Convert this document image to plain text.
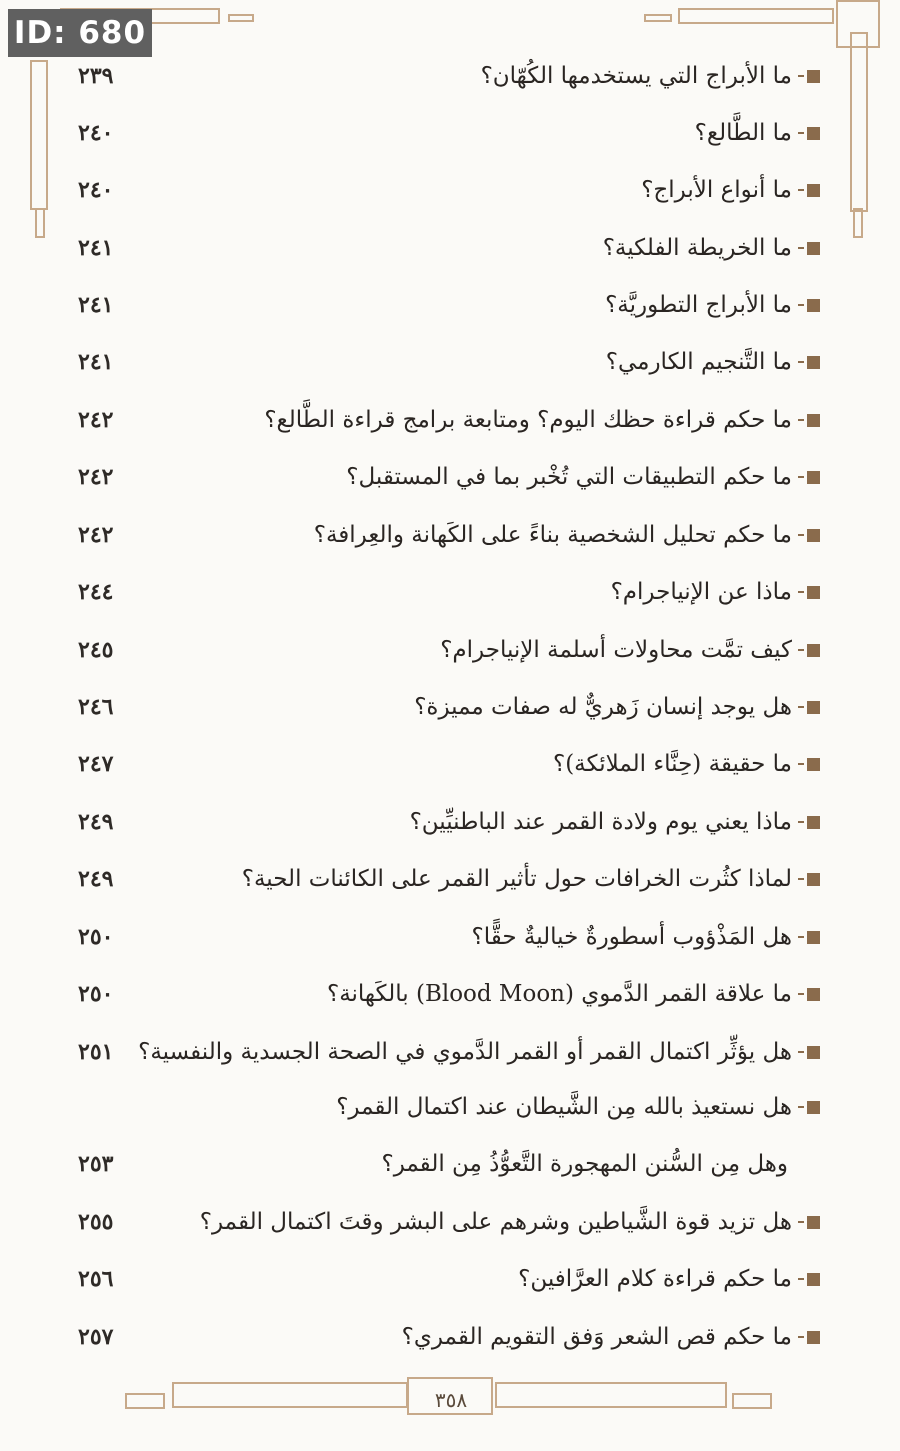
ID: 680
ما الأبراج التي يستخدمها الكُهّان؟
٢٣٩
ما الطَّالع؟
٢٤٠
ما أنواع الأبراج؟
٢٤٠
ما الخريطة الفلكية؟
٢٤١
ما الأبراج التطوريَّة؟
٢٤١
ما التَّنجيم الكارمي؟
٢٤١
ما حكم قراءة حظك اليوم؟ ومتابعة برامج قراءة الطَّالع؟
٢٤٢
ما حكم التطبيقات التي تُخْبر بما في المستقبل؟
٢٤٢
ما حكم تحليل الشخصية بناءً على الكَهانة والعِرافة؟
٢٤٢
ماذا عن الإنياجرام؟
٢٤٤
كيف تمَّت محاولات أسلمة الإنياجرام؟
٢٤٥
هل يوجد إنسان زَهريٌّ له صفات مميزة؟
٢٤٦
ما حقيقة (حِنَّاء الملائكة)؟
٢٤٧
ماذا يعني يوم ولادة القمر عند الباطنيِّين؟
٢٤٩
لماذا كثُرت الخرافات حول تأثير القمر على الكائنات الحية؟
٢٤٩
هل المَذْؤوب أسطورةٌ خياليةٌ حقًّا؟
٢٥٠
ما علاقة القمر الدَّموي (Blood Moon) بالكَهانة؟
٢٥٠
هل يؤثِّر اكتمال القمر أو القمر الدَّموي في الصحة الجسدية والنفسية؟
٢٥١
هل نستعيذ بالله مِن الشَّيطان عند اكتمال القمر؟
وهل مِن السُّنن المهجورة التَّعوُّذُ مِن القمر؟
٢٥٣
هل تزيد قوة الشَّياطين وشرهم على البشر وقتَ اكتمال القمر؟
٢٥٥
ما حكم قراءة كلام العرَّافين؟
٢٥٦
ما حكم قص الشعر وَفق التقويم القمري؟
٢٥٧
٣٥٨
